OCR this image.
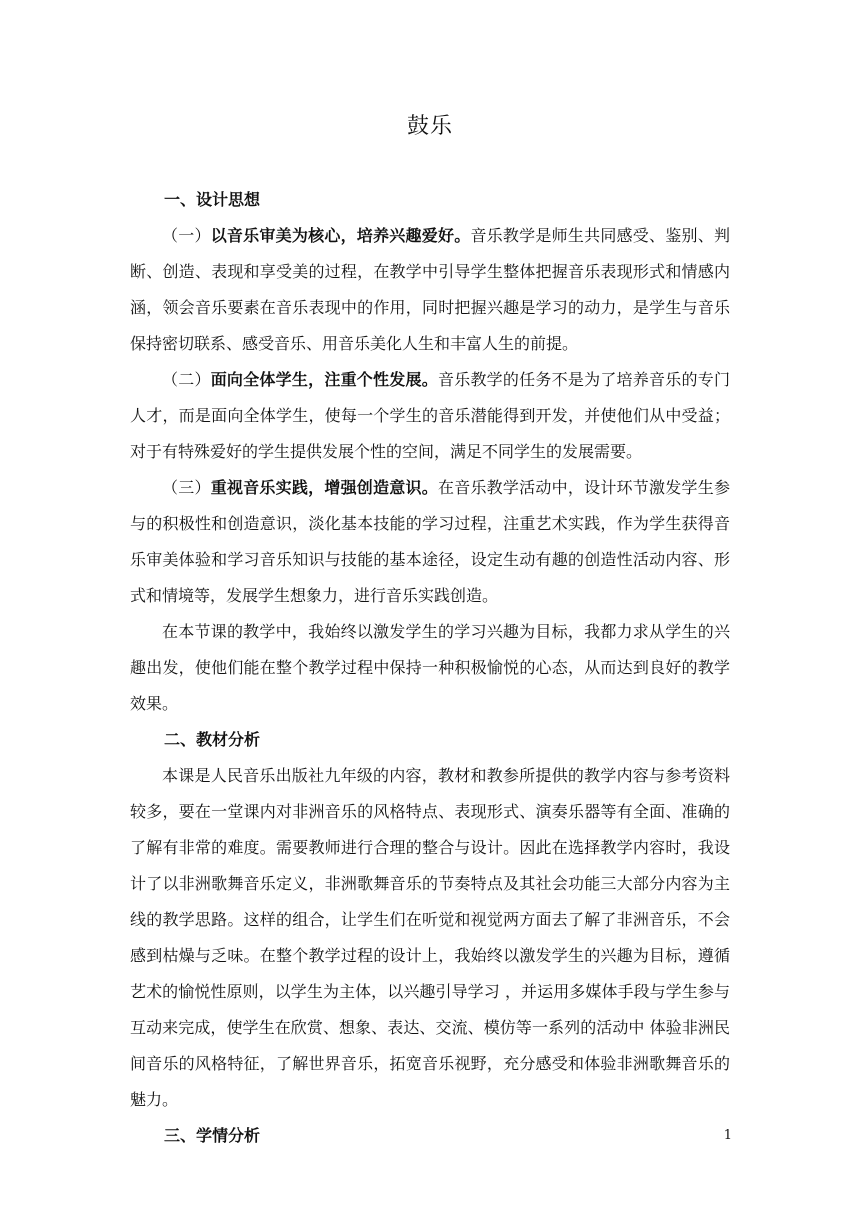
鼓乐

一、设计思想

（一）以音乐审美为核心，培养兴趣爱好。音乐教学是师生共同感受、鉴别、判断、创造、表现和享受美的过程，在教学中引导学生整体把握音乐表现形式和情感内涵，领会音乐要素在音乐表现中的作用，同时把握兴趣是学习的动力，是学生与音乐保持密切联系、感受音乐、用音乐美化人生和丰富人生的前提。

（二）面向全体学生，注重个性发展。音乐教学的任务不是为了培养音乐的专门人才，而是面向全体学生，使每一个学生的音乐潜能得到开发，并使他们从中受益；对于有特殊爱好的学生提供发展个性的空间，满足不同学生的发展需要。

（三）重视音乐实践，增强创造意识。在音乐教学活动中，设计环节激发学生参与的积极性和创造意识，淡化基本技能的学习过程，注重艺术实践，作为学生获得音乐审美体验和学习音乐知识与技能的基本途径，设定生动有趣的创造性活动内容、形式和情境等，发展学生想象力，进行音乐实践创造。

在本节课的教学中，我始终以激发学生的学习兴趣为目标，我都力求从学生的兴趣出发，使他们能在整个教学过程中保持一种积极愉悦的心态，从而达到良好的教学效果。

二、教材分析

本课是人民音乐出版社九年级的内容，教材和教参所提供的教学内容与参考资料较多，要在一堂课内对非洲音乐的风格特点、表现形式、演奏乐器等有全面、准确的了解有非常的难度。需要教师进行合理的整合与设计。因此在选择教学内容时，我设计了以非洲歌舞音乐定义，非洲歌舞音乐的节奏特点及其社会功能三大部分内容为主线的教学思路。这样的组合，让学生们在听觉和视觉两方面去了解了非洲音乐，不会感到枯燥与乏味。在整个教学过程的设计上，我始终以激发学生的兴趣为目标，遵循艺术的愉悦性原则，以学生为主体，以兴趣引导学习 ，并运用多媒体手段与学生参与互动来完成，使学生在欣赏、想象、表达、交流、模仿等一系列的活动中 体验非洲民间音乐的风格特征，了解世界音乐，拓宽音乐视野，充分感受和体验非洲歌舞音乐的魅力。

三、学情分析	1
